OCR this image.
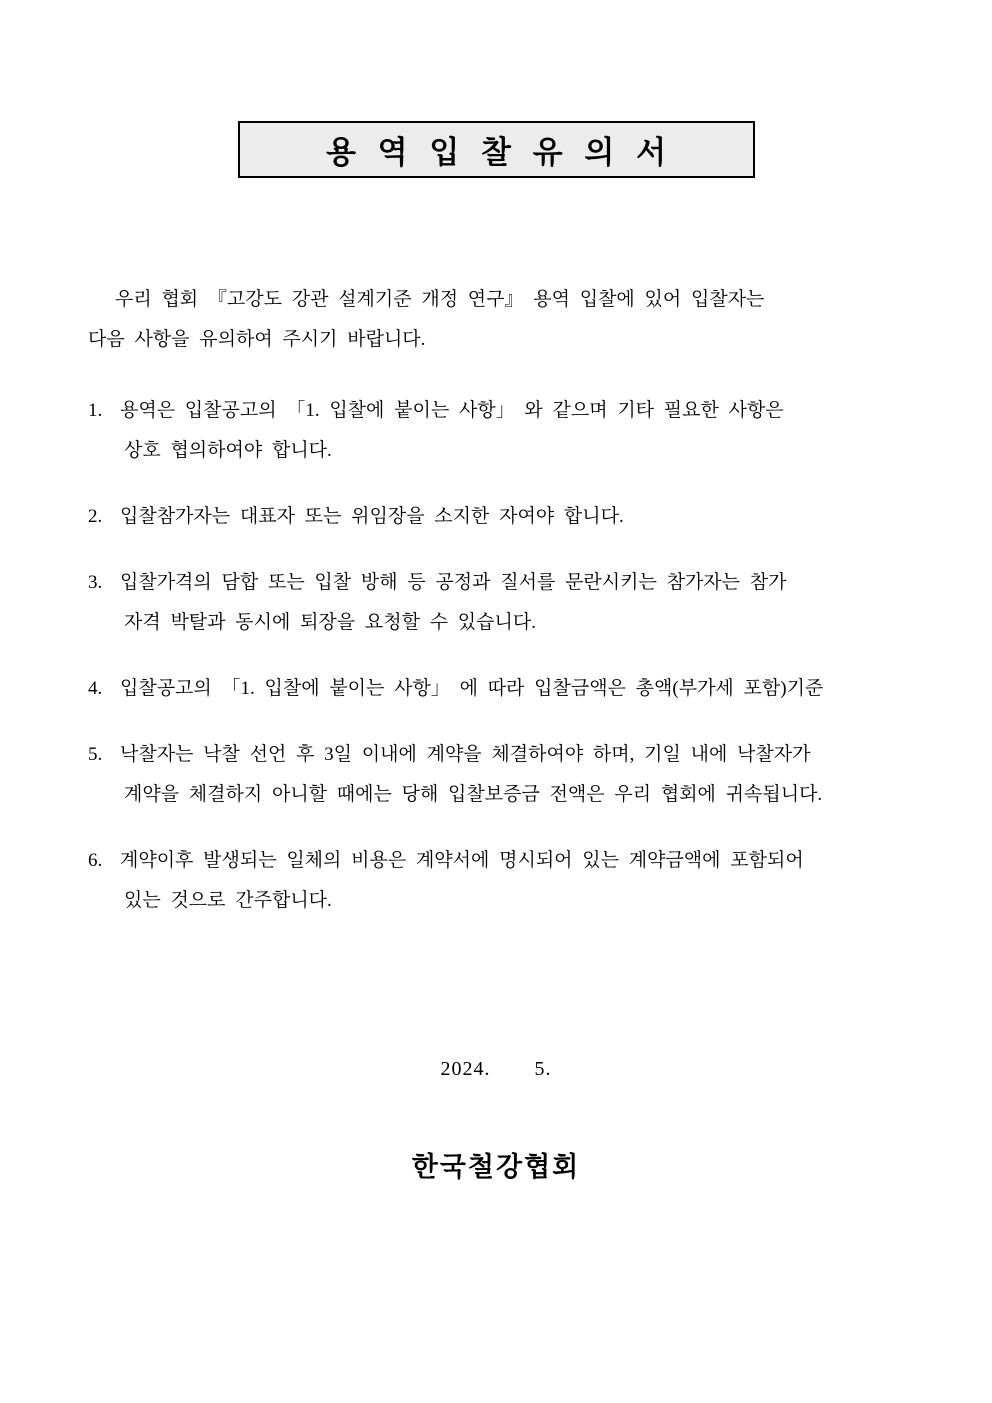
용 역 입 찰 유 의 서
우리 협회 『고강도 강관 설계기준 개정 연구』 용역 입찰에 있어 입찰자는
다음 사항을 유의하여 주시기 바랍니다.
1. 용역은 입찰공고의 「1. 입찰에 붙이는 사항」 와 같으며 기타 필요한 사항은
상호 협의하여야 합니다.
2. 입찰참가자는 대표자 또는 위임장을 소지한 자여야 합니다.
3. 입찰가격의 담합 또는 입찰 방해 등 공정과 질서를 문란시키는 참가자는 참가
자격 박탈과 동시에 퇴장을 요청할 수 있습니다.
4. 입찰공고의 「1. 입찰에 붙이는 사항」 에 따라 입찰금액은 총액(부가세 포함)기준
5. 낙찰자는 낙찰 선언 후 3일 이내에 계약을 체결하여야 하며, 기일 내에 낙찰자가
계약을 체결하지 아니할 때에는 당해 입찰보증금 전액은 우리 협회에 귀속됩니다.
6. 계약이후 발생되는 일체의 비용은 계약서에 명시되어 있는 계약금액에 포함되어
있는 것으로 간주합니다.
2024.    5.
한국철강협회
